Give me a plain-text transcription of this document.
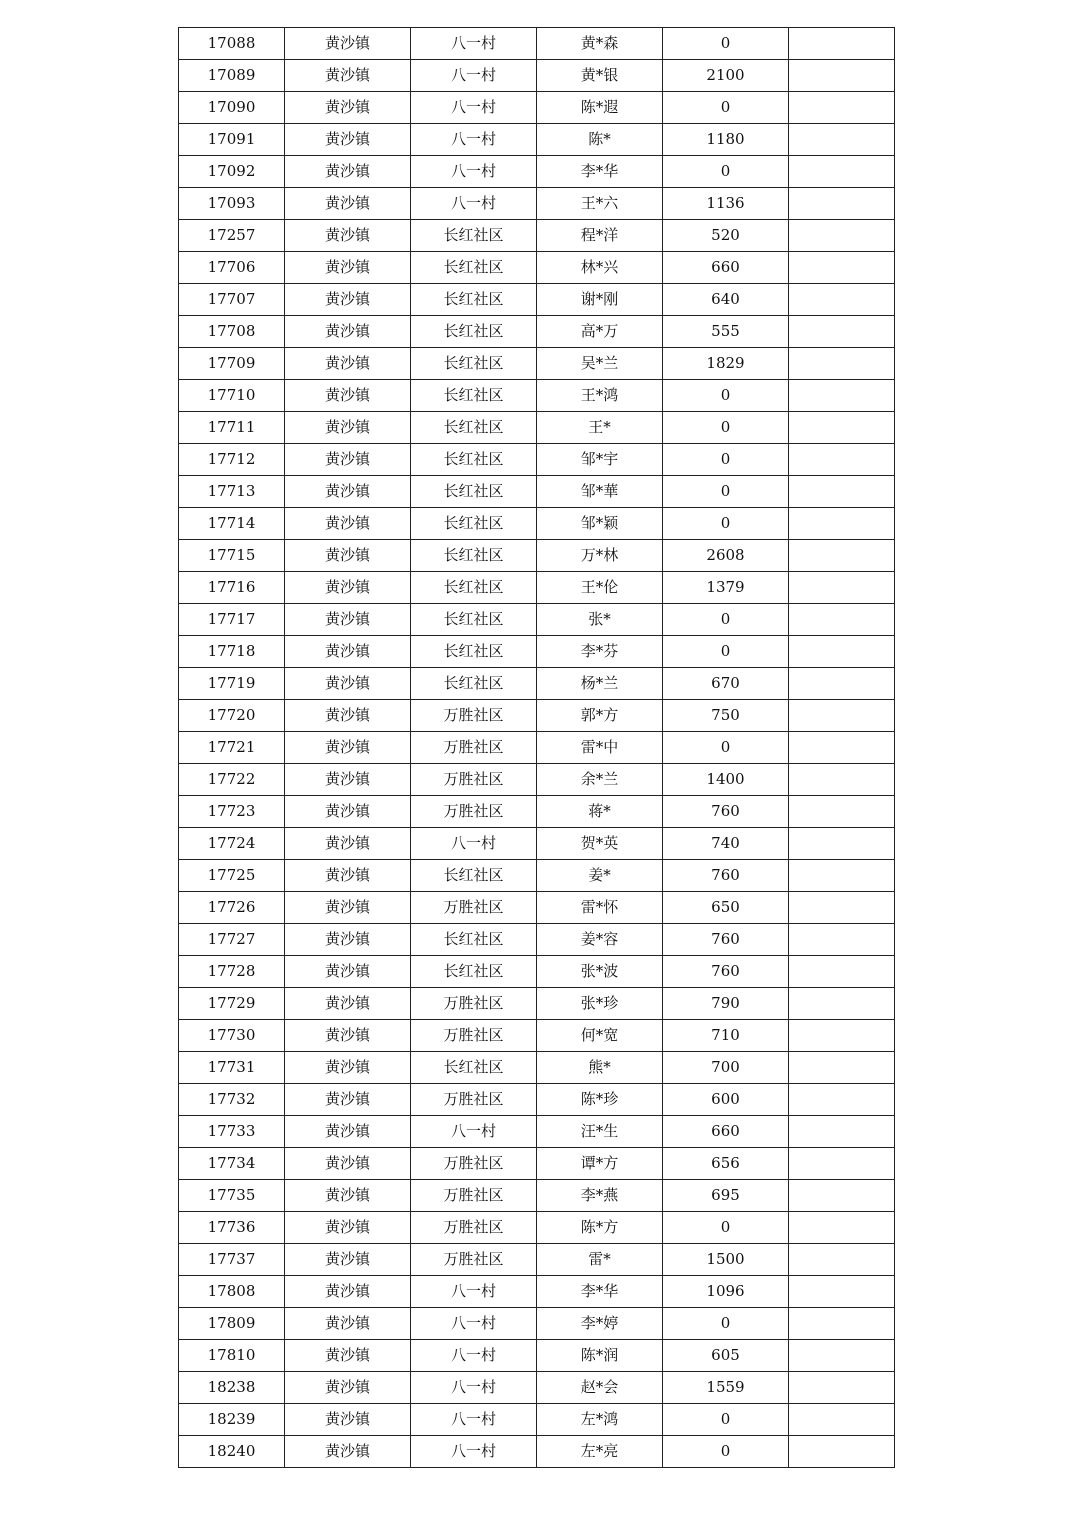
17088	黄沙镇	八一村	黄*森	0	
17089	黄沙镇	八一村	黄*银	2100	
17090	黄沙镇	八一村	陈*遐	0	
17091	黄沙镇	八一村	陈*	1180	
17092	黄沙镇	八一村	李*华	0	
17093	黄沙镇	八一村	王*六	1136	
17257	黄沙镇	长红社区	程*洋	520	
17706	黄沙镇	长红社区	林*兴	660	
17707	黄沙镇	长红社区	谢*刚	640	
17708	黄沙镇	长红社区	高*万	555	
17709	黄沙镇	长红社区	吴*兰	1829	
17710	黄沙镇	长红社区	王*鸿	0	
17711	黄沙镇	长红社区	王*	0	
17712	黄沙镇	长红社区	邹*宇	0	
17713	黄沙镇	长红社区	邹*華	0	
17714	黄沙镇	长红社区	邹*颖	0	
17715	黄沙镇	长红社区	万*林	2608	
17716	黄沙镇	长红社区	王*伦	1379	
17717	黄沙镇	长红社区	张*	0	
17718	黄沙镇	长红社区	李*芬	0	
17719	黄沙镇	长红社区	杨*兰	670	
17720	黄沙镇	万胜社区	郭*方	750	
17721	黄沙镇	万胜社区	雷*中	0	
17722	黄沙镇	万胜社区	余*兰	1400	
17723	黄沙镇	万胜社区	蒋*	760	
17724	黄沙镇	八一村	贺*英	740	
17725	黄沙镇	长红社区	姜*	760	
17726	黄沙镇	万胜社区	雷*怀	650	
17727	黄沙镇	长红社区	姜*容	760	
17728	黄沙镇	长红社区	张*波	760	
17729	黄沙镇	万胜社区	张*珍	790	
17730	黄沙镇	万胜社区	何*宽	710	
17731	黄沙镇	长红社区	熊*	700	
17732	黄沙镇	万胜社区	陈*珍	600	
17733	黄沙镇	八一村	汪*生	660	
17734	黄沙镇	万胜社区	谭*方	656	
17735	黄沙镇	万胜社区	李*燕	695	
17736	黄沙镇	万胜社区	陈*方	0	
17737	黄沙镇	万胜社区	雷*	1500	
17808	黄沙镇	八一村	李*华	1096	
17809	黄沙镇	八一村	李*婷	0	
17810	黄沙镇	八一村	陈*润	605	
18238	黄沙镇	八一村	赵*会	1559	
18239	黄沙镇	八一村	左*鸿	0	
18240	黄沙镇	八一村	左*亮	0	
